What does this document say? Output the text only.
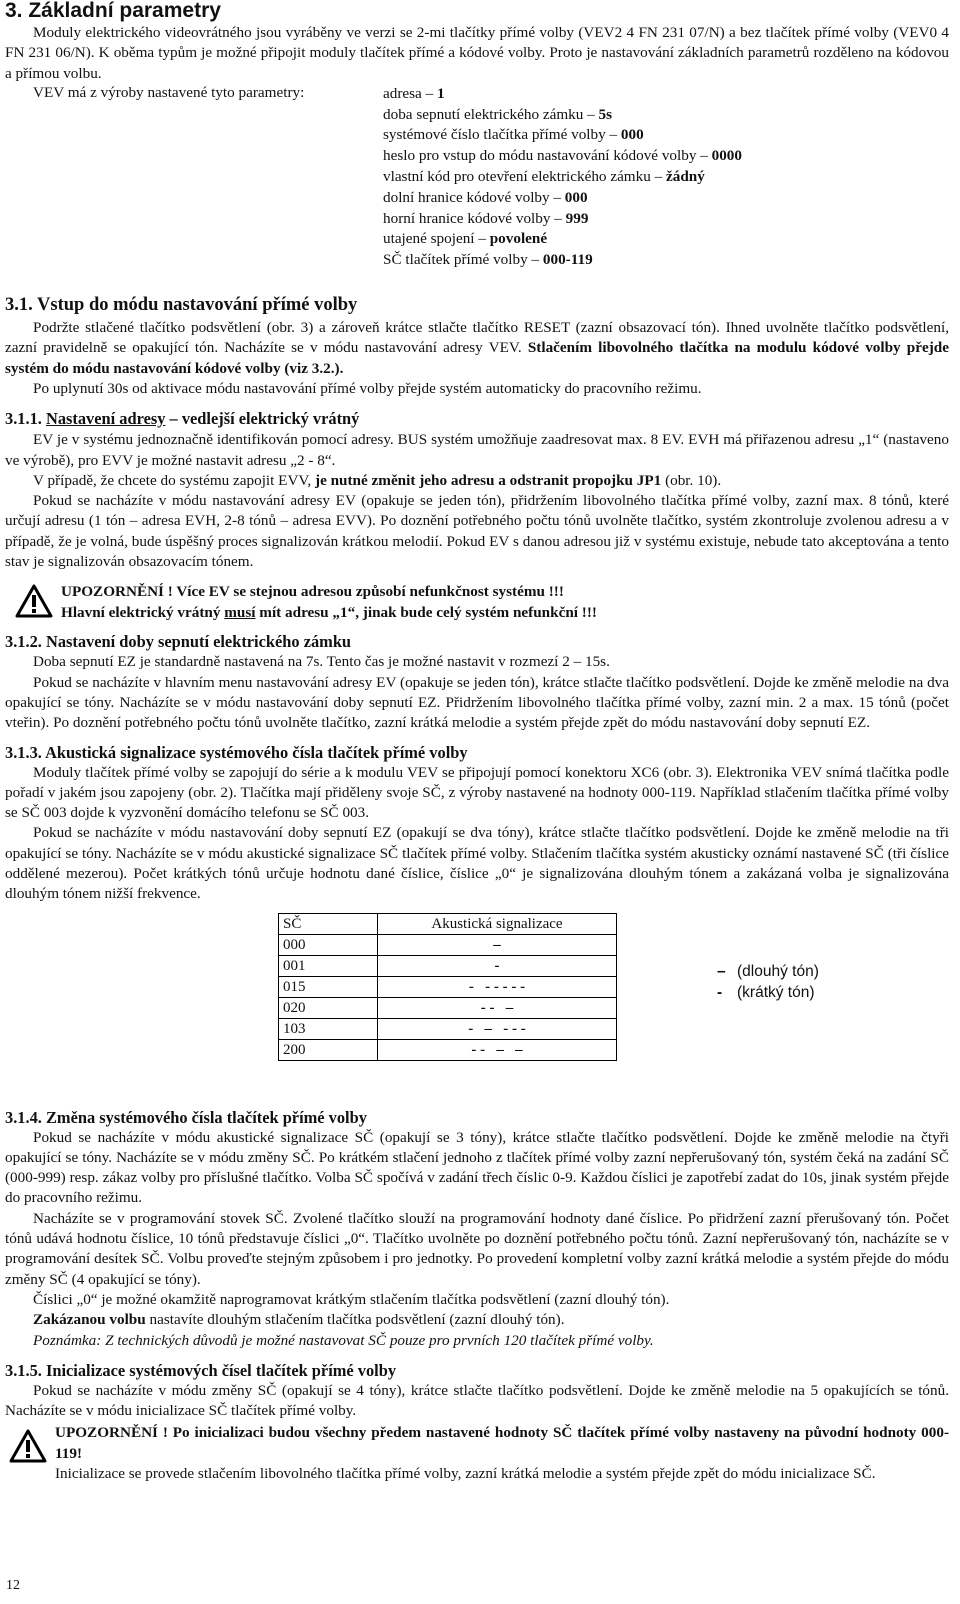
3. Základní parametry

Moduly elektrického videovrátného jsou vyráběny ve verzi se 2-mi tlačítky přímé volby (VEV2 4 FN 231 07/N) a bez tlačítek přímé volby (VEV0 4 FN 231 06/N). K oběma typům je možné připojit moduly tlačítek přímé a kódové volby. Proto je nastavování základních parametrů rozděleno na kódovou a přímou volbu.

VEV má z výroby nastavené tyto parametry:	adresa – 1
doba sepnutí elektrického zámku – 5s
systémové číslo tlačítka přímé volby – 000
heslo pro vstup do módu nastavování kódové volby – 0000
vlastní kód pro otevření elektrického zámku – žádný
dolní hranice kódové volby – 000
horní hranice kódové volby – 999
utajené spojení – povolené
SČ tlačítek přímé volby – 000-119
3.1. Vstup do módu nastavování přímé volby

Podržte stlačené tlačítko podsvětlení (obr. 3) a zároveň krátce stlačte tlačítko RESET (zazní obsazovací tón). Ihned uvolněte tlačítko podsvětlení, zazní pravidelně se opakující tón. Nacházíte se v módu nastavování adresy VEV. Stlačením libovolného tlačítka na modulu kódové volby přejde systém do módu nastavování kódové volby (viz 3.2.).

Po uplynutí 30s od aktivace módu nastavování přímé volby přejde systém automaticky do pracovního režimu.

3.1.1. Nastavení adresy – vedlejší elektrický vrátný

EV je v systému jednoznačně identifikován pomocí adresy. BUS systém umožňuje zaadresovat max. 8 EV. EVH má přiřazenou adresu „1“ (nastaveno ve výrobě), pro EVV je možné nastavit adresu „2 - 8“.

V případě, že chcete do systému zapojit EVV, je nutné změnit jeho adresu a odstranit propojku JP1 (obr. 10).

Pokud se nacházíte v módu nastavování adresy EV (opakuje se jeden tón), přidržením libovolného tlačítka přímé volby, zazní max. 8 tónů, které určují adresu (1 tón – adresa EVH, 2-8 tónů – adresa EVV). Po doznění potřebného počtu tónů uvolněte tlačítko, systém zkontroluje zvolenou adresu a v případě, že je volná, bude úspěšný proces signalizován krátkou melodií. Pokud EV s danou adresou již v systému existuje, nebude tato akceptována a tento stav je signalizován obsazovacím tónem.

UPOZORNĚNÍ ! Více EV se stejnou adresou způsobí nefunkčnost systému !!!
Hlavní elektrický vrátný musí mít adresu „1“, jinak bude celý systém nefunkční !!!
3.1.2. Nastavení doby sepnutí elektrického zámku

Doba sepnutí EZ je standardně nastavená na 7s. Tento čas je možné nastavit v rozmezí 2 – 15s.

Pokud se nacházíte v hlavním menu nastavování adresy EV (opakuje se jeden tón), krátce stlačte tlačítko podsvětlení. Dojde ke změně melodie na dva opakující se tóny. Nacházíte se v módu nastavování doby sepnutí EZ. Přidržením libovolného tlačítka přímé volby, zazní min. 2 a max. 15 tónů (počet vteřin). Po doznění potřebného počtu tónů uvolněte tlačítko, zazní krátká melodie a systém přejde zpět do módu nastavování doby sepnutí EZ.

3.1.3. Akustická signalizace systémového čísla tlačítek přímé volby

Moduly tlačítek přímé volby se zapojují do série a k modulu VEV se připojují pomocí konektoru XC6 (obr. 3). Elektronika VEV snímá tlačítka podle pořadí v jakém jsou zapojeny (obr. 2). Tlačítka mají přiděleny svoje SČ, z výroby nastavené na hodnoty 000-119. Například stlačením tlačítka přímé volby se SČ 003 dojde k vyzvonění domácího telefonu se SČ 003.

Pokud se nacházíte v módu nastavování doby sepnutí EZ (opakují se dva tóny), krátce stlačte tlačítko podsvětlení. Dojde ke změně melodie na tři opakující se tóny. Nacházíte se v módu akustické signalizace SČ tlačítek přímé volby. Stlačením tlačítka systém akusticky oznámí nastavené SČ (tři číslice oddělené mezerou). Počet krátkých tónů určuje hodnotu dané číslice, číslice „0“ je signalizována dlouhým tónem a zakázaná volba je signalizována dlouhým tónem nižší frekvence.

SČ	Akustická signalizace
000	–
001	-
015	-   - - - - -
020	- -   –
103	-   –   - - -
200	- -   –   –
– (dlouhý tón)
- (krátký tón)
3.1.4. Změna systémového čísla tlačítek přímé volby

Pokud se nacházíte v módu akustické signalizace SČ (opakují se 3 tóny), krátce stlačte tlačítko podsvětlení. Dojde ke změně melodie na čtyři opakující se tóny. Nacházíte se v módu změny SČ. Po krátkém stlačení jednoho z tlačítek přímé volby zazní nepřerušovaný tón, systém čeká na zadání SČ (000-999) resp. zákaz volby pro příslušné tlačítko. Volba SČ spočívá v zadání třech číslic 0-9. Každou číslici je zapotřebí zadat do 10s, jinak systém přejde do pracovního režimu.

Nacházíte se v programování stovek SČ. Zvolené tlačítko slouží na programování hodnoty dané číslice. Po přidržení zazní přerušovaný tón. Počet tónů udává hodnotu číslice, 10 tónů představuje číslici „0“. Tlačítko uvolněte po doznění potřebného počtu tónů. Zazní nepřerušovaný tón, nacházíte se v programování desítek SČ. Volbu proveďte stejným způsobem i pro jednotky. Po provedení kompletní volby zazní krátká melodie a systém přejde do módu změny SČ (4 opakující se tóny).

Číslici „0“ je možné okamžitě naprogramovat krátkým stlačením tlačítka podsvětlení (zazní dlouhý tón).

Zakázanou volbu nastavíte dlouhým stlačením tlačítka podsvětlení (zazní dlouhý tón).

Poznámka: Z technických důvodů je možné nastavovat SČ pouze pro prvních 120 tlačítek přímé volby.

3.1.5. Inicializace systémových čísel tlačítek přímé volby

Pokud se nacházíte v módu změny SČ (opakují se 4 tóny), krátce stlačte tlačítko podsvětlení. Dojde ke změně melodie na 5 opakujících se tónů. Nacházíte se v módu inicializace SČ tlačítek přímé volby.

UPOZORNĚNÍ ! Po inicializaci budou všechny předem nastavené hodnoty SČ tlačítek přímé volby nastaveny na původní hodnoty 000-119!

Inicializace se provede stlačením libovolného tlačítka přímé volby, zazní krátká melodie a systém přejde zpět do módu inicializace SČ.

12
